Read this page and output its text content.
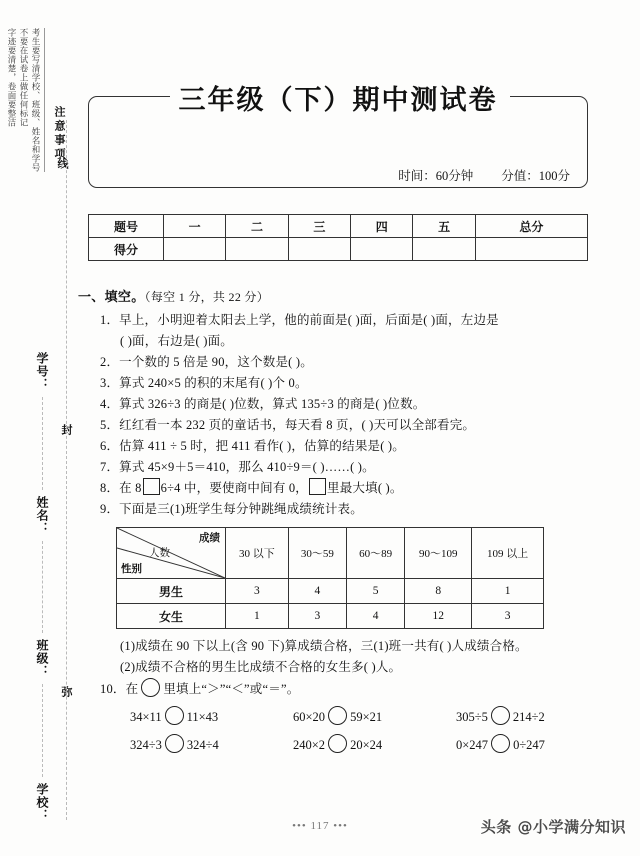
注意事项
考生要写清学校、班级、姓名和学号
不要在试卷上做任何标记
字迹要清楚，卷面要整洁
线
封
弥
学号：
姓名：
班级：
学校：
三年级（下）期中测试卷
时间：60分钟 分值：100分
题号	一	二	三	四	五	总分
得分						
一、填空。（每空 1 分，共 22 分）
1．早上，小明迎着太阳去上学，他的前面是( )面，后面是( )面，左边是
( )面，右边是( )面。
2．一个数的 5 倍是 90，这个数是( )。
3．算式 240×5 的积的末尾有( )个 0。
4．算式 326÷3 的商是( )位数，算式 135÷3 的商是( )位数。
5．红红看一本 232 页的童话书，每天看 8 页，( )天可以全部看完。
6．估算 411 ÷ 5 时，把 411 看作( )，估算的结果是( )。
7．算式 45×9＋5＝410，那么 410÷9＝( )……( )。
8．在 8 6÷4 中，要使商中间有 0， 里最大填( )。
9．下面是三(1)班学生每分钟跳绳成绩统计表。
成绩
人数
性别	30 以下	30～59	60～89	90～109	109 以上
男生	3	4	5	8	1
女生	1	3	4	12	3
(1)成绩在 90 下以上(含 90 下)算成绩合格，三(1)班一共有( )人成绩合格。
(2)成绩不合格的男生比成绩不合格的女生多( )人。
10．在 里填上“＞”“＜”或“＝”。
34×11 11×43	60×20 59×21	305÷5 214÷2
324÷3 324÷4	240×2 20×24	0×247 0÷247
••• 117 •••	头条 @小学满分知识
